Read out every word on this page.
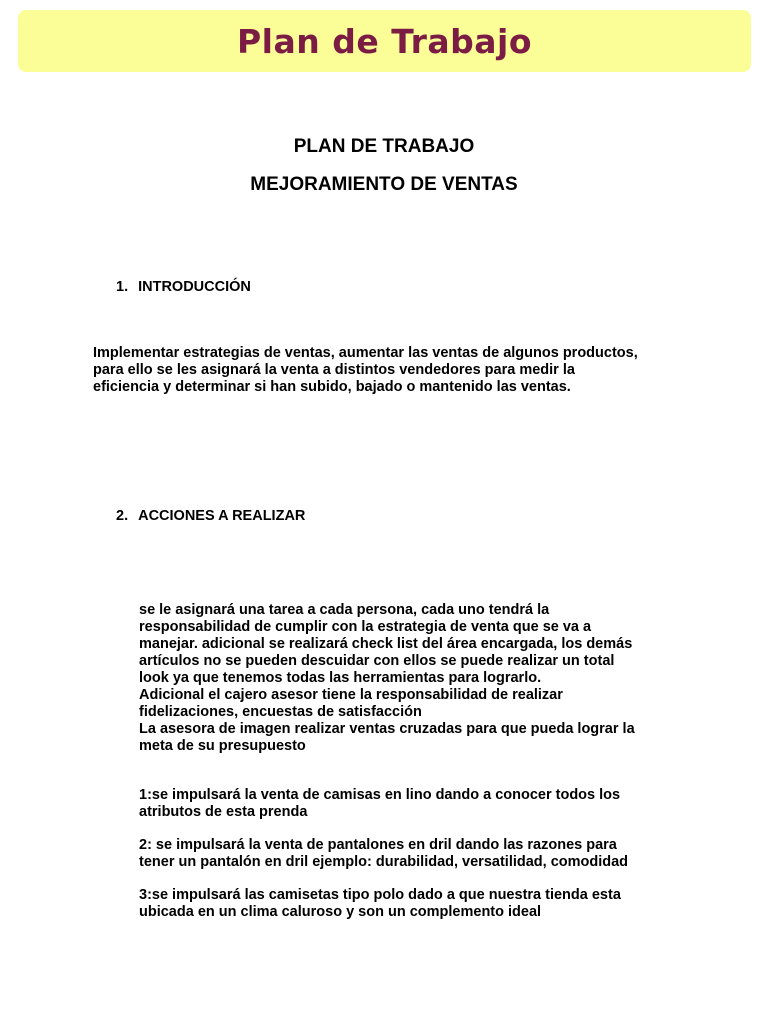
Plan de Trabajo
PLAN DE TRABAJO
MEJORAMIENTO DE VENTAS
1. INTRODUCCIÓN

Implementar estrategias de ventas, aumentar las ventas de algunos productos,
para ello se les asignará la venta a distintos vendedores para medir la
eficiencia y determinar si han subido, bajado o mantenido las ventas.

2. ACCIONES A REALIZAR

se le asignará una tarea a cada persona, cada uno tendrá la
responsabilidad de cumplir con la estrategia de venta que se va a
manejar. adicional se realizará check list del área encargada, los demás
artículos no se pueden descuidar con ellos se puede realizar un total
look ya que tenemos todas las herramientas para lograrlo.
Adicional el cajero asesor tiene la responsabilidad de realizar
fidelizaciones, encuestas de satisfacción
La asesora de imagen realizar ventas cruzadas para que pueda lograr la
meta de su presupuesto

1:se impulsará la venta de camisas en lino dando a conocer todos los
atributos de esta prenda

2: se impulsará la venta de pantalones en dril dando las razones para
tener un pantalón en dril ejemplo: durabilidad, versatilidad, comodidad

3:se impulsará las camisetas tipo polo dado a que nuestra tienda esta
ubicada en un clima caluroso y son un complemento ideal
